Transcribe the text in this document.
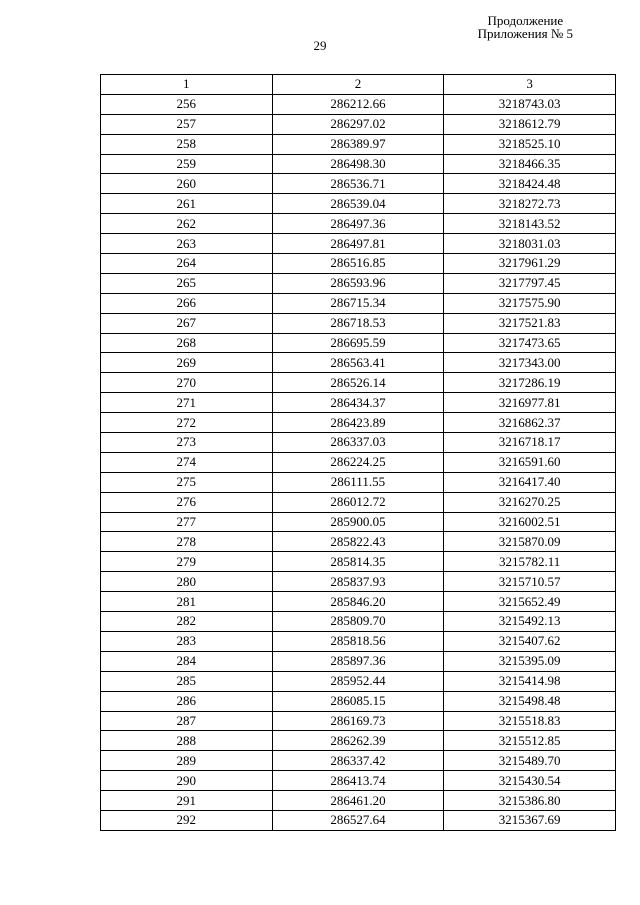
Продолжение
Приложения № 5
29
1	2	3
256	286212.66	3218743.03
257	286297.02	3218612.79
258	286389.97	3218525.10
259	286498.30	3218466.35
260	286536.71	3218424.48
261	286539.04	3218272.73
262	286497.36	3218143.52
263	286497.81	3218031.03
264	286516.85	3217961.29
265	286593.96	3217797.45
266	286715.34	3217575.90
267	286718.53	3217521.83
268	286695.59	3217473.65
269	286563.41	3217343.00
270	286526.14	3217286.19
271	286434.37	3216977.81
272	286423.89	3216862.37
273	286337.03	3216718.17
274	286224.25	3216591.60
275	286111.55	3216417.40
276	286012.72	3216270.25
277	285900.05	3216002.51
278	285822.43	3215870.09
279	285814.35	3215782.11
280	285837.93	3215710.57
281	285846.20	3215652.49
282	285809.70	3215492.13
283	285818.56	3215407.62
284	285897.36	3215395.09
285	285952.44	3215414.98
286	286085.15	3215498.48
287	286169.73	3215518.83
288	286262.39	3215512.85
289	286337.42	3215489.70
290	286413.74	3215430.54
291	286461.20	3215386.80
292	286527.64	3215367.69
